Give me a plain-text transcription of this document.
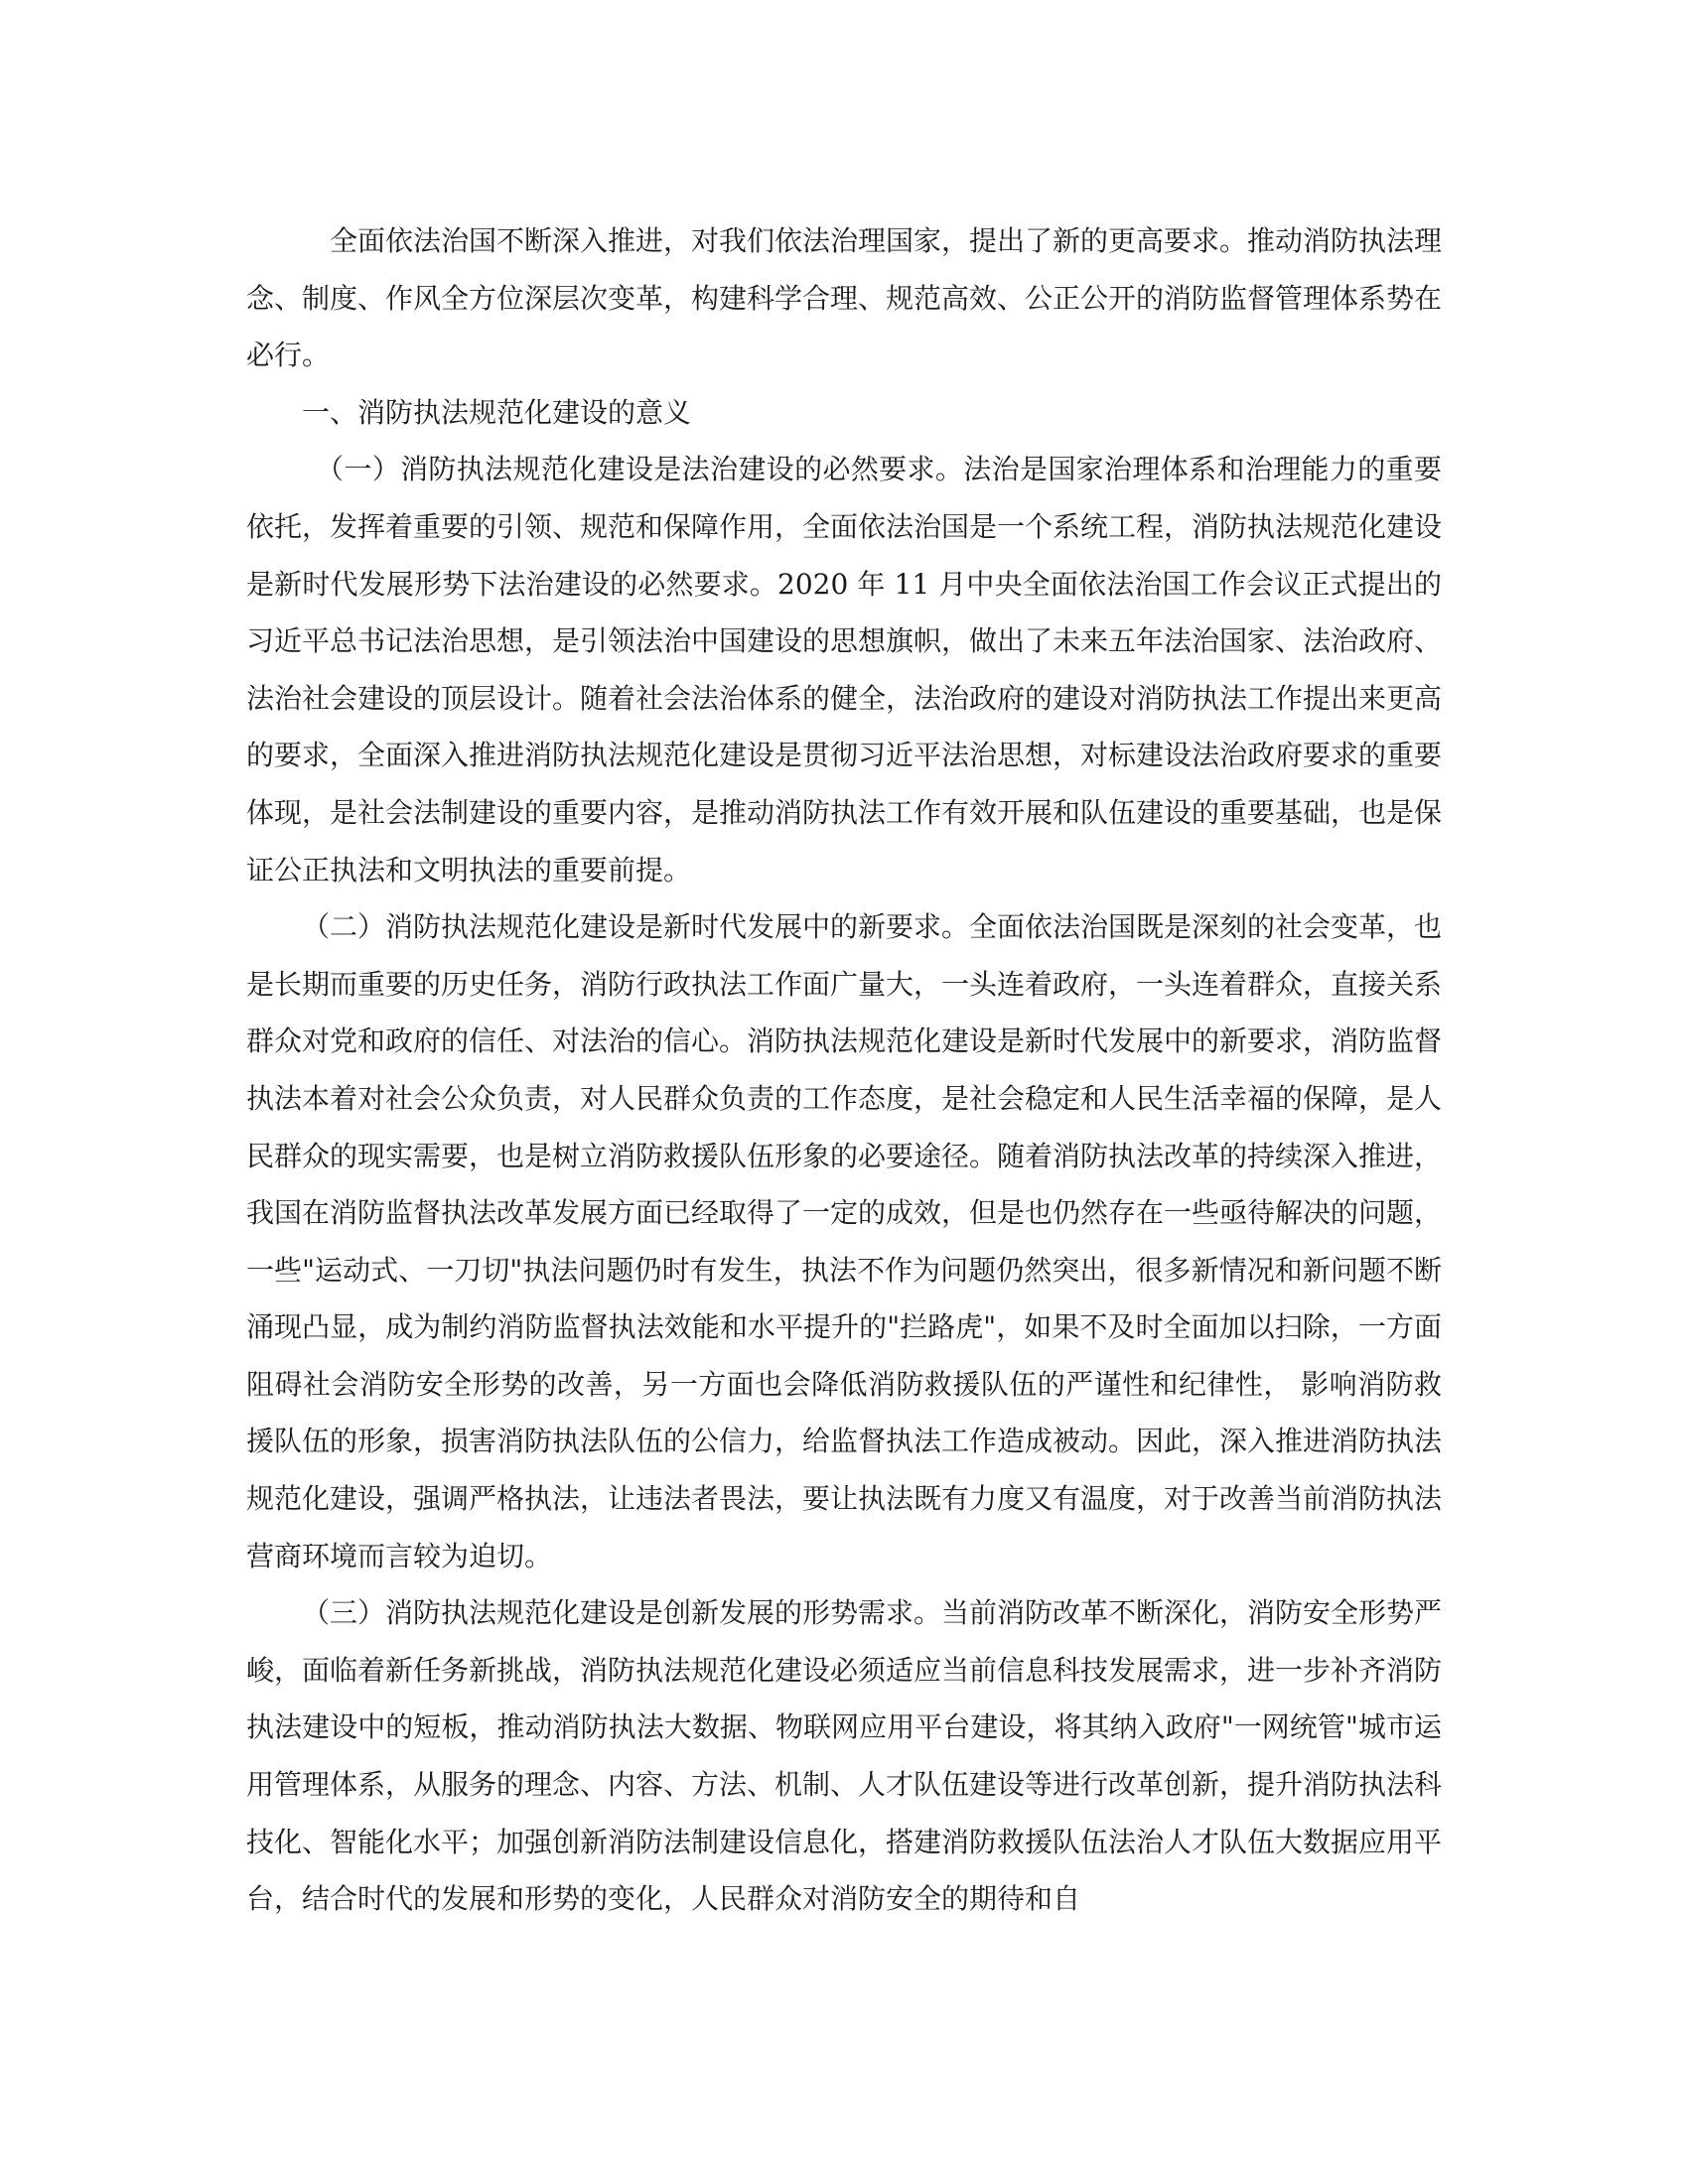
全面依法治国不断深入推进，对我们依法治理国家，提出了新的更高要求。推动消防执法理念、制度、作风全方位深层次变革，构建科学合理、规范高效、公正公开的消防监督管理体系势在必行。

一、消防执法规范化建设的意义

（一）消防执法规范化建设是法治建设的必然要求。法治是国家治理体系和治理能力的重要依托，发挥着重要的引领、规范和保障作用，全面依法治国是一个系统工程，消防执法规范化建设是新时代发展形势下法治建设的必然要求。2020 年 11 月中央全面依法治国工作会议正式提出的习近平总书记法治思想，是引领法治中国建设的思想旗帜，做出了未来五年法治国家、法治政府、法治社会建设的顶层设计。随着社会法治体系的健全，法治政府的建设对消防执法工作提出来更高的要求，全面深入推进消防执法规范化建设是贯彻习近平法治思想，对标建设法治政府要求的重要体现，是社会法制建设的重要内容，是推动消防执法工作有效开展和队伍建设的重要基础，也是保证公正执法和文明执法的重要前提。

（二）消防执法规范化建设是新时代发展中的新要求。全面依法治国既是深刻的社会变革，也是长期而重要的历史任务，消防行政执法工作面广量大，一头连着政府，一头连着群众，直接关系群众对党和政府的信任、对法治的信心。消防执法规范化建设是新时代发展中的新要求，消防监督执法本着对社会公众负责，对人民群众负责的工作态度，是社会稳定和人民生活幸福的保障，是人民群众的现实需要，也是树立消防救援队伍形象的必要途径。随着消防执法改革的持续深入推进，我国在消防监督执法改革发展方面已经取得了一定的成效，但是也仍然存在一些亟待解决的问题，一些"运动式、一刀切"执法问题仍时有发生，执法不作为问题仍然突出，很多新情况和新问题不断涌现凸显，成为制约消防监督执法效能和水平提升的"拦路虎"，如果不及时全面加以扫除，一方面阻碍社会消防安全形势的改善，另一方面也会降低消防救援队伍的严谨性和纪律性， 影响消防救援队伍的形象，损害消防执法队伍的公信力，给监督执法工作造成被动。因此，深入推进消防执法规范化建设，强调严格执法，让违法者畏法，要让执法既有力度又有温度，对于改善当前消防执法营商环境而言较为迫切。

（三）消防执法规范化建设是创新发展的形势需求。当前消防改革不断深化，消防安全形势严峻，面临着新任务新挑战，消防执法规范化建设必须适应当前信息科技发展需求，进一步补齐消防执法建设中的短板，推动消防执法大数据、物联网应用平台建设，将其纳入政府"一网统管"城市运用管理体系，从服务的理念、内容、方法、机制、人才队伍建设等进行改革创新，提升消防执法科技化、智能化水平；加强创新消防法制建设信息化，搭建消防救援队伍法治人才队伍大数据应用平台，结合时代的发展和形势的变化，人民群众对消防安全的期待和自
